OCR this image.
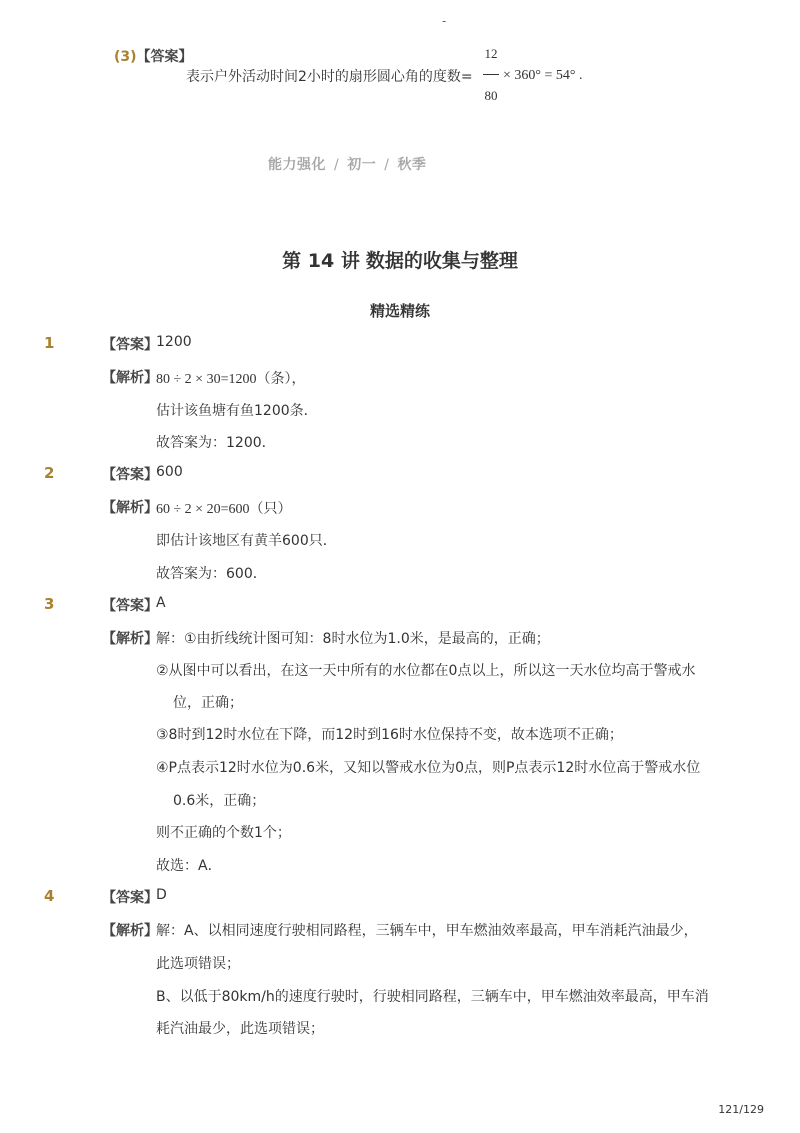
-
(3)【答案】
表示户外活动时间2小时的扇形圆心角的度数=
12
80
× 360° = 54° .
能力强化 / 初一 / 秋季
第 14 讲 数据的收集与整理
精选精练
1	【答案】
1200
【解析】
80 ÷ 2 × 30=1200（条），
估计该鱼塘有鱼1200条．
故答案为：1200．
2	【答案】
600
【解析】
60 ÷ 2 × 20=600（只）
即估计该地区有黄羊600只．
故答案为：600．
3	【答案】
A
【解析】
解：①由折线统计图可知：8时水位为1.0米，是最高的，正确；
②从图中可以看出，在这一天中所有的水位都在0点以上，所以这一天水位均高于警戒水
位，正确；
③8时到12时水位在下降，而12时到16时水位保持不变，故本选项不正确；
④P点表示12时水位为0.6米，又知以警戒水位为0点，则P点表示12时水位高于警戒水位
0.6米，正确；
则不正确的个数1个；
故选：A．
4	【答案】
D
【解析】
解：A、以相同速度行驶相同路程，三辆车中，甲车燃油效率最高，甲车消耗汽油最少，
此选项错误；
B、以低于80km/h的速度行驶时，行驶相同路程，三辆车中，甲车燃油效率最高，甲车消
耗汽油最少，此选项错误；
121/129
